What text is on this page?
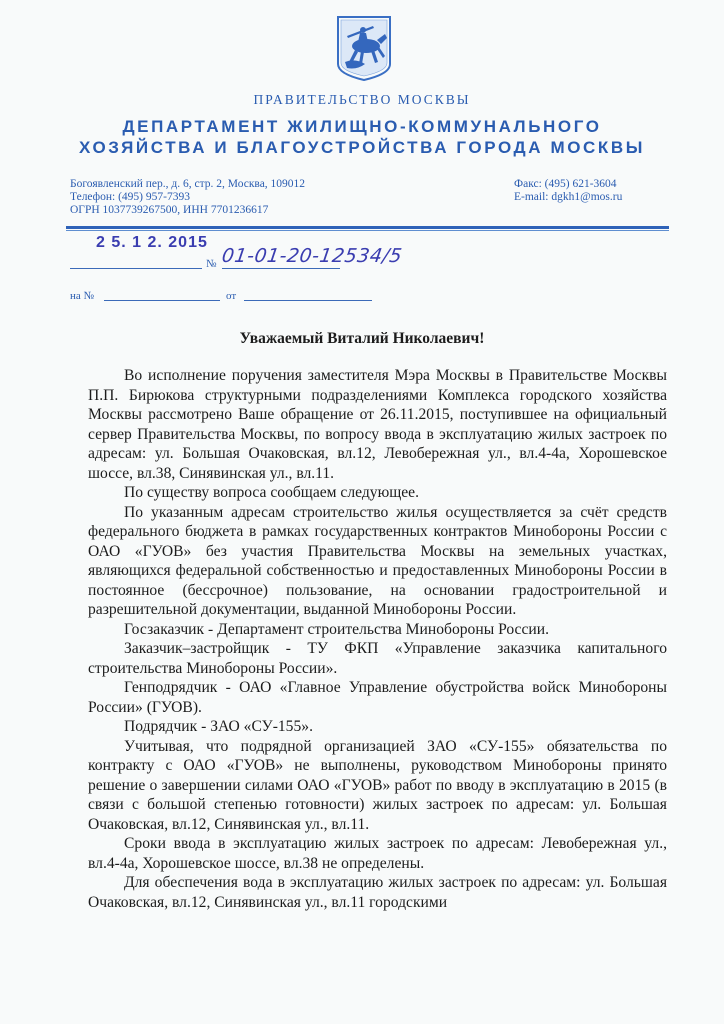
ПРАВИТЕЛЬСТВО МОСКВЫ
ДЕПАРТАМЕНТ ЖИЛИЩНО-КОММУНАЛЬНОГО
ХОЗЯЙСТВА И БЛАГОУСТРОЙСТВА ГОРОДА МОСКВЫ
Богоявленский пер., д. 6, стр. 2, Москва, 109012
Телефон: (495) 957-7393
ОГРН 1037739267500, ИНН 7701236617
Факс: (495) 621-3604
E-mail: dgkh1@mos.ru
2 5. 1 2. 2015
№ 01-01-20-12534/5
на №	от
Уважаемый Виталий Николаевич!

Во исполнение поручения заместителя Мэра Москвы в Правительстве Москвы П.П. Бирюкова структурными подразделениями Комплекса городского хозяйства Москвы рассмотрено Ваше обращение от 26.11.2015, поступившее на официальный сервер Правительства Москвы, по вопросу ввода в эксплуатацию жилых застроек по адресам: ул. Большая Очаковская, вл.12, Левобережная ул., вл.4-4а, Хорошевское шоссе, вл.38, Синявинская ул., вл.11.

По существу вопроса сообщаем следующее.

По указанным адресам строительство жилья осуществляется за счёт средств федерального бюджета в рамках государственных контрактов Минобороны России с ОАО «ГУОВ» без участия Правительства Москвы на земельных участках, являющихся федеральной собственностью и предоставленных Минобороны России в постоянное (бессрочное) пользование, на основании градостроительной и разрешительной документации, выданной Минобороны России.

Госзаказчик - Департамент строительства Минобороны России.

Заказчик–застройщик - ТУ ФКП «Управление заказчика капитального строительства Минобороны России».

Генподрядчик - ОАО «Главное Управление обустройства войск Минобороны России» (ГУОВ).

Подрядчик - ЗАО «СУ-155».

Учитывая, что подрядной организацией ЗАО «СУ-155» обязательства по контракту с ОАО «ГУОВ» не выполнены, руководством Минобороны принято решение о завершении силами ОАО «ГУОВ» работ по вводу в эксплуатацию в 2015 (в связи с большой степенью готовности) жилых застроек по адресам: ул. Большая Очаковская, вл.12, Синявинская ул., вл.11.

Сроки ввода в эксплуатацию жилых застроек по адресам: Левобережная ул., вл.4-4а, Хорошевское шоссе, вл.38 не определены.

Для обеспечения вода в эксплуатацию жилых застроек по адресам: ул. Большая Очаковская, вл.12, Синявинская ул., вл.11 городскими
